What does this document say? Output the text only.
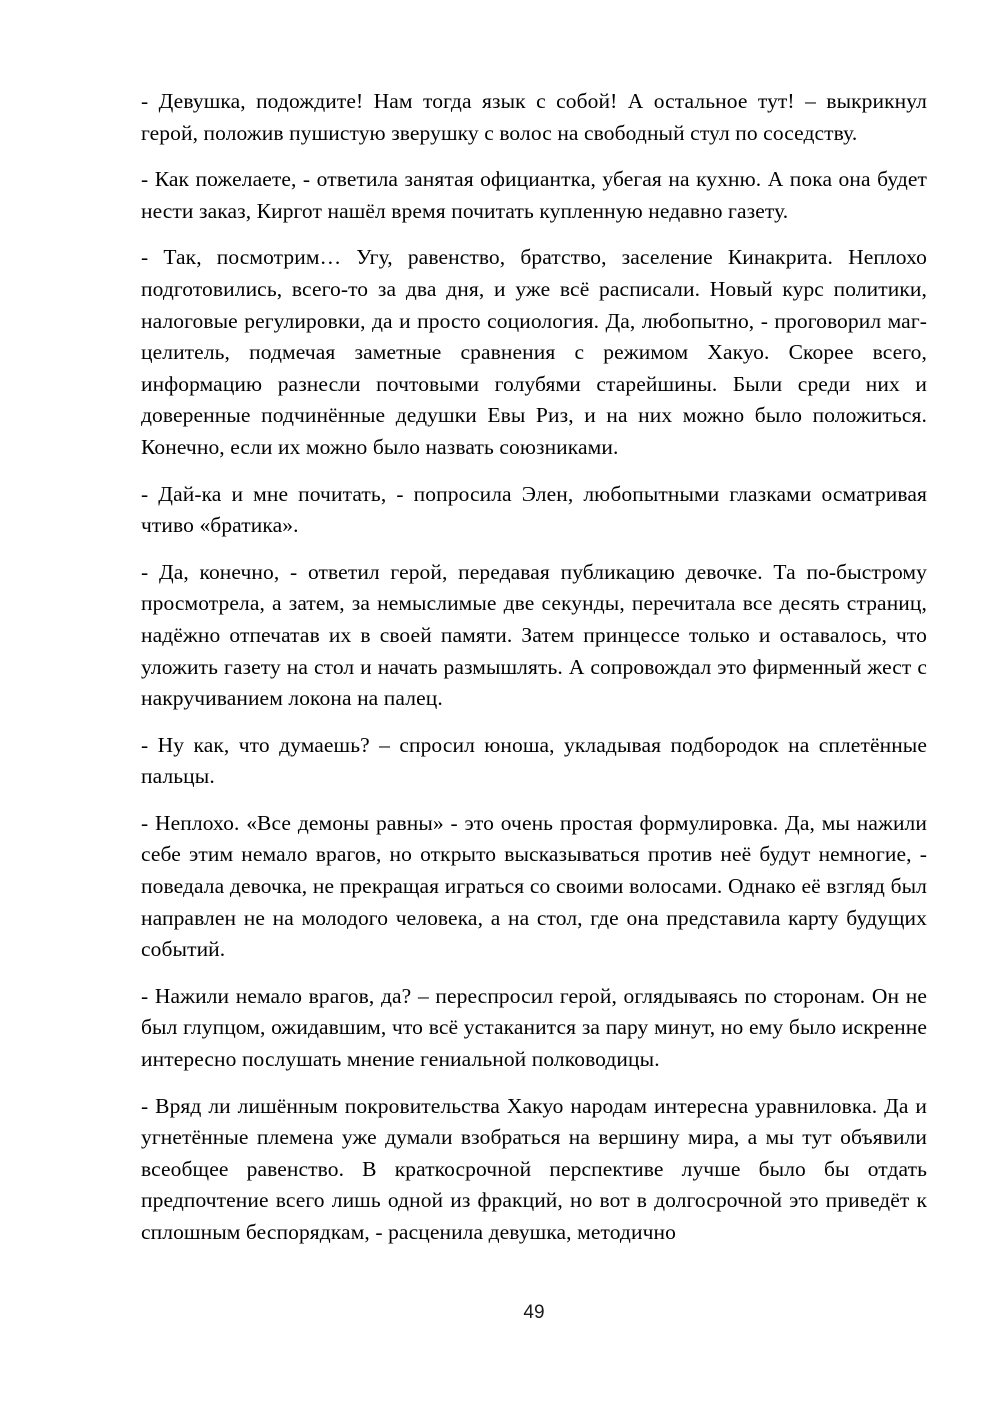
- Девушка, подождите! Нам тогда язык с собой! А остальное тут! – выкрикнул герой, положив пушистую зверушку с волос на свободный стул по соседству.

- Как пожелаете, - ответила занятая официантка, убегая на кухню. А пока она будет нести заказ, Киргот нашёл время почитать купленную недавно газету.

- Так, посмотрим… Угу, равенство, братство, заселение Кинакрита. Неплохо подготовились, всего-то за два дня, и уже всё расписали. Новый курс политики, налоговые регулировки, да и просто социология. Да, любопытно, - проговорил маг-целитель, подмечая заметные сравнения с режимом Хакуо. Скорее всего, информацию разнесли почтовыми голубями старейшины. Были среди них и доверенные подчинённые дедушки Евы Риз, и на них можно было положиться. Конечно, если их можно было назвать союзниками.

- Дай-ка и мне почитать, - попросила Элен, любопытными глазками осматривая чтиво «братика».

- Да, конечно, - ответил герой, передавая публикацию девочке. Та по-быстрому просмотрела, а затем, за немыслимые две секунды, перечитала все десять страниц, надёжно отпечатав их в своей памяти. Затем принцессе только и оставалось, что уложить газету на стол и начать размышлять. А сопровождал это фирменный жест с накручиванием локона на палец.

- Ну как, что думаешь? – спросил юноша, укладывая подбородок на сплетённые пальцы.

- Неплохо. «Все демоны равны» - это очень простая формулировка. Да, мы нажили себе этим немало врагов, но открыто высказываться против неё будут немногие, - поведала девочка, не прекращая играться со своими волосами. Однако её взгляд был направлен не на молодого человека, а на стол, где она представила карту будущих событий.

- Нажили немало врагов, да? – переспросил герой, оглядываясь по сторонам. Он не был глупцом, ожидавшим, что всё устаканится за пару минут, но ему было искренне интересно послушать мнение гениальной полководицы.

- Вряд ли лишённым покровительства Хакуо народам интересна уравниловка. Да и угнетённые племена уже думали взобраться на вершину мира, а мы тут объявили всеобщее равенство. В краткосрочной перспективе лучше было бы отдать предпочтение всего лишь одной из фракций, но вот в долгосрочной это приведёт к сплошным беспорядкам, - расценила девушка, методично

49
